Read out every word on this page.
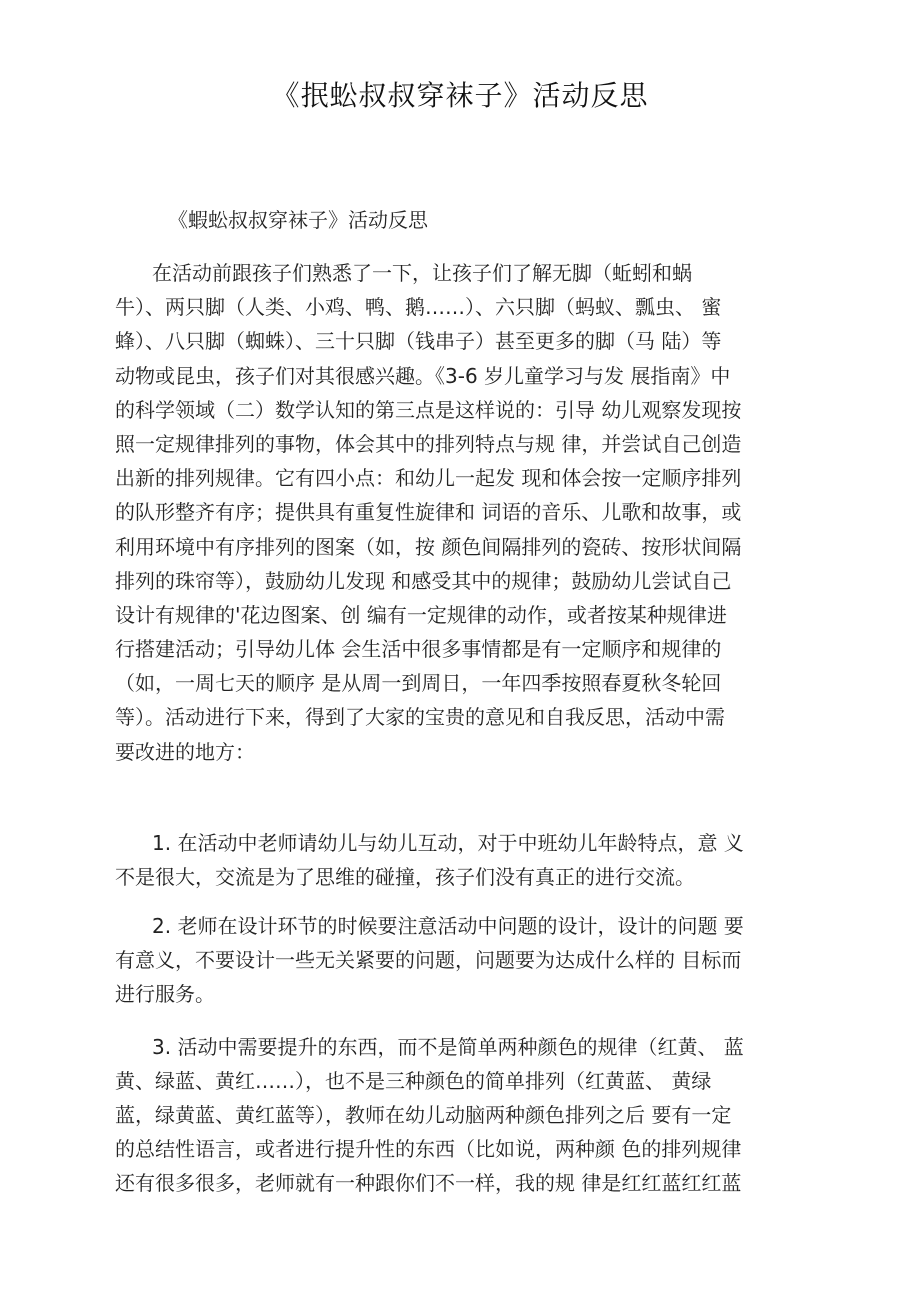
《抿蚣叔叔穿袜子》活动反思
《蝦蚣叔叔穿袜子》活动反思
在活动前跟孩子们熟悉了一下，让孩子们了解无脚（蚯蚓和蜗
牛）、两只脚（人类、小鸡、鸭、鹅……）、六只脚（蚂蚁、瓢虫、 蜜
蜂）、八只脚（蜘蛛）、三十只脚（钱串子）甚至更多的脚（马 陆）等
动物或昆虫，孩子们对其很感兴趣。《3-6 岁儿童学习与发 展指南》中
的科学领域（二）数学认知的第三点是这样说的：引导 幼儿观察发现按
照一定规律排列的事物，体会其中的排列特点与规 律，并尝试自己创造
出新的排列规律。它有四小点：和幼儿一起发 现和体会按一定顺序排列
的队形整齐有序；提供具有重复性旋律和 词语的音乐、儿歌和故事，或
利用环境中有序排列的图案（如，按 颜色间隔排列的瓷砖、按形状间隔
排列的珠帘等），鼓励幼儿发现 和感受其中的规律；鼓励幼儿尝试自己
设计有规律的'花边图案、创 编有一定规律的动作，或者按某种规律进
行搭建活动；引导幼儿体 会生活中很多事情都是有一定顺序和规律的
（如，一周七天的顺序 是从周一到周日，一年四季按照春夏秋冬轮回
等）。活动进行下来，得到了大家的宝贵的意见和自我反思，活动中需
要改进的地方：
1. 在活动中老师请幼儿与幼儿互动，对于中班幼儿年龄特点，意 义
不是很大，交流是为了思维的碰撞，孩子们没有真正的进行交流。
2. 老师在设计环节的时候要注意活动中问题的设计，设计的问题 要
有意义，不要设计一些无关紧要的问题，问题要为达成什么样的 目标而
进行服务。
3. 活动中需要提升的东西，而不是简单两种颜色的规律（红黄、 蓝
黄、绿蓝、黄红……），也不是三种颜色的简单排列（红黄蓝、 黄绿
蓝，绿黄蓝、黄红蓝等），教师在幼儿动脑两种颜色排列之后 要有一定
的总结性语言，或者进行提升性的东西（比如说，两种颜 色的排列规律
还有很多很多，老师就有一种跟你们不一样，我的规 律是红红蓝红红蓝
